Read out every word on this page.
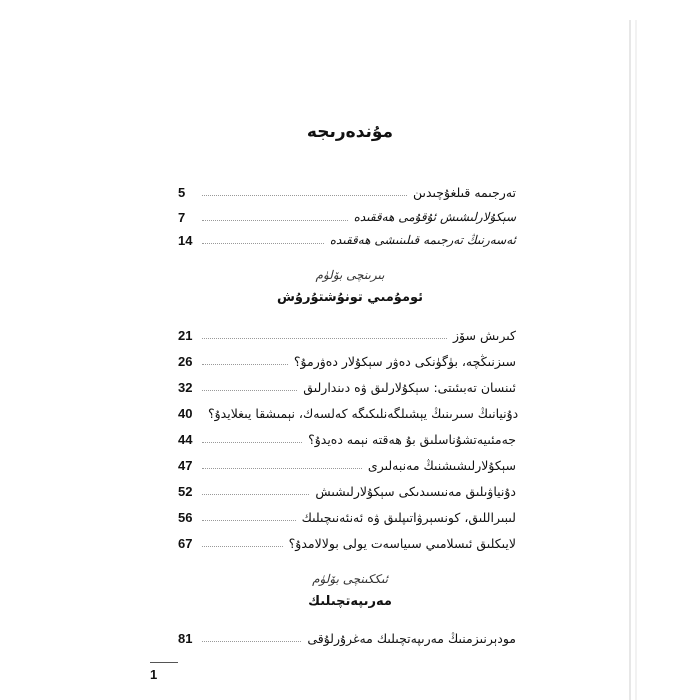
مۇندەرىجە
5	تەرجىمە قىلغۇچىدىن
7	سېكۇلارلىشىش ئۇقۇمى ھەققىدە
14	ئەسەرنىڭ تەرجىمە قىلىنىشى ھەققىدە
بىرىنچى بۆلۈم
ئومۇمىي تونۇشتۇرۇش
21	كىرىش سۆز
26	سىزنىڭچە، بۈگۈنكى دەۋر سېكۇلار دەۋرمۇ؟
32	ئىنسان تەبىئىتى: سېكۇلارلىق ۋە دىندارلىق
40	دۇنيانىڭ سىرىنىڭ يېشىلگەنلىكىگە كەلسەك، نېمىشقا يىغلايدۇ؟
44	جەمئىيەتشۇناسلىق بۇ ھەقتە نېمە دەيدۇ؟
47	سېكۇلارلىشىشنىڭ مەنبەلىرى
52	دۇنياۋىلىق مەنىسىدىكى سېكۇلارلىشىش
56	لىبىراللىق، كونسېرۋاتىپلىق ۋە ئەنئەنىچىلىك
67	لايىكلىق ئىسلامىي سىياسەت يولى بولالامدۇ؟
ئىككىنچى بۆلۈم
مەرىپەتچىلىك
81	مودېرنىزمنىڭ مەرىپەتچىلىك مەغرۇرلۇقى
1
